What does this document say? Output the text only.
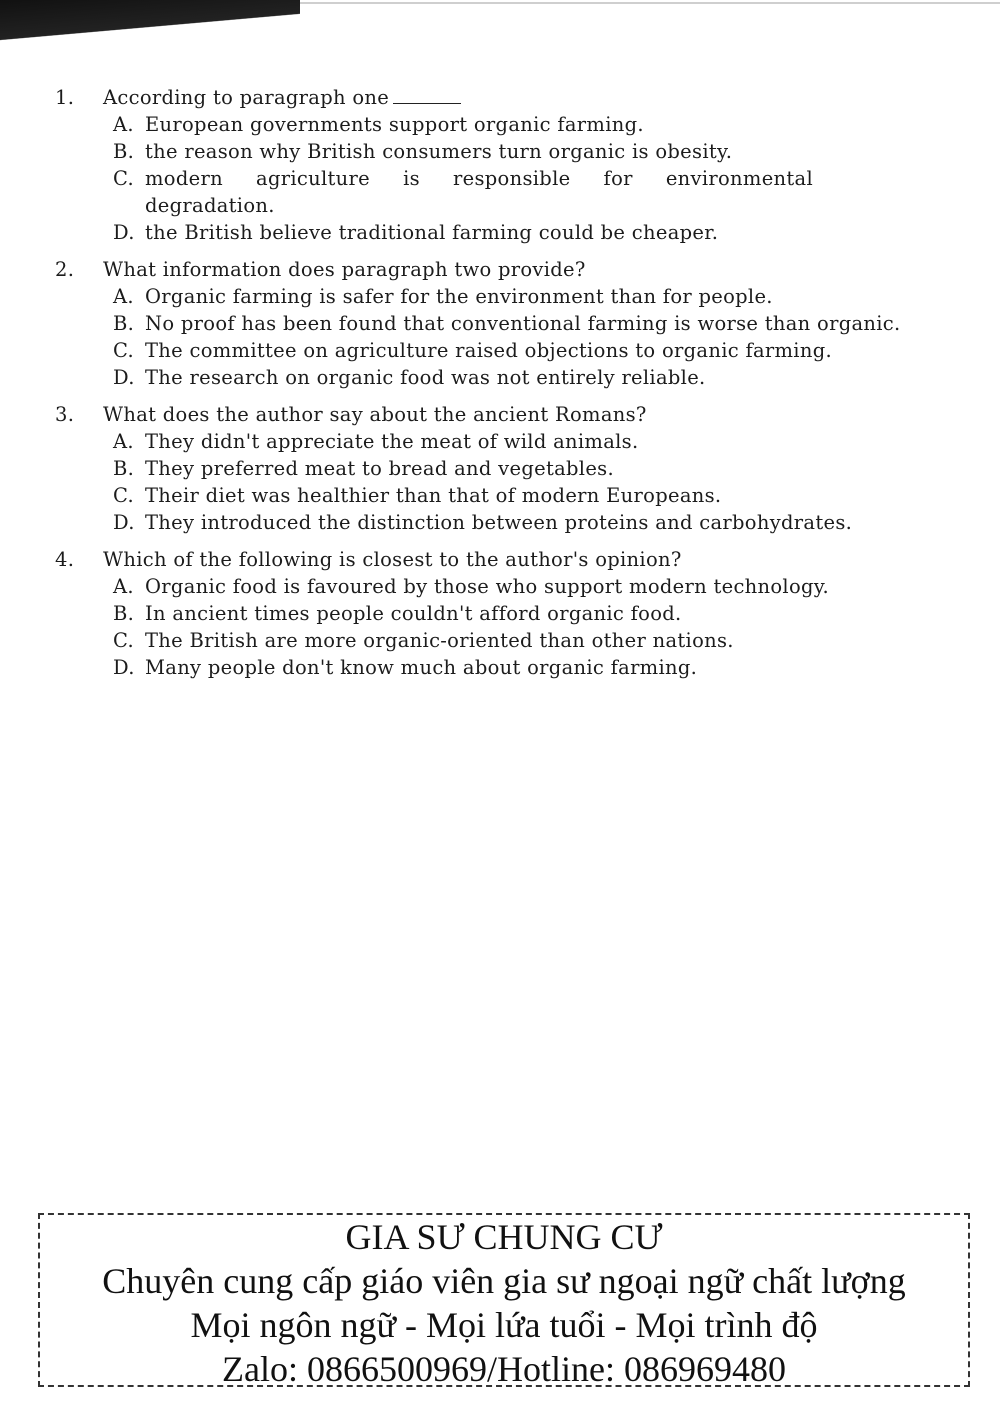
1.	According to paragraph one
A. European governments support organic farming.
B. the reason why British consumers turn organic is obesity.
C. modern agriculture is responsible for environmental degradation.
D. the British believe traditional farming could be cheaper.
2.	What information does paragraph two provide?
A. Organic farming is safer for the environment than for people.
B. No proof has been found that conventional farming is worse than organic.
C. The committee on agriculture raised objections to organic farming.
D. The research on organic food was not entirely reliable.
3.	What does the author say about the ancient Romans?
A. They didn't appreciate the meat of wild animals.
B. They preferred meat to bread and vegetables.
C. Their diet was healthier than that of modern Europeans.
D. They introduced the distinction between proteins and carbohydrates.
4.	Which of the following is closest to the author's opinion?
A. Organic food is favoured by those who support modern technology.
B. In ancient times people couldn't afford organic food.
C. The British are more organic-oriented than other nations.
D. Many people don't know much about organic farming.
GIA SƯ CHUNG CƯ
Chuyên cung cấp giáo viên gia sư ngoại ngữ chất lượng
Mọi ngôn ngữ - Mọi lứa tuổi - Mọi trình độ
Zalo: 0866500969/Hotline: 086969480
